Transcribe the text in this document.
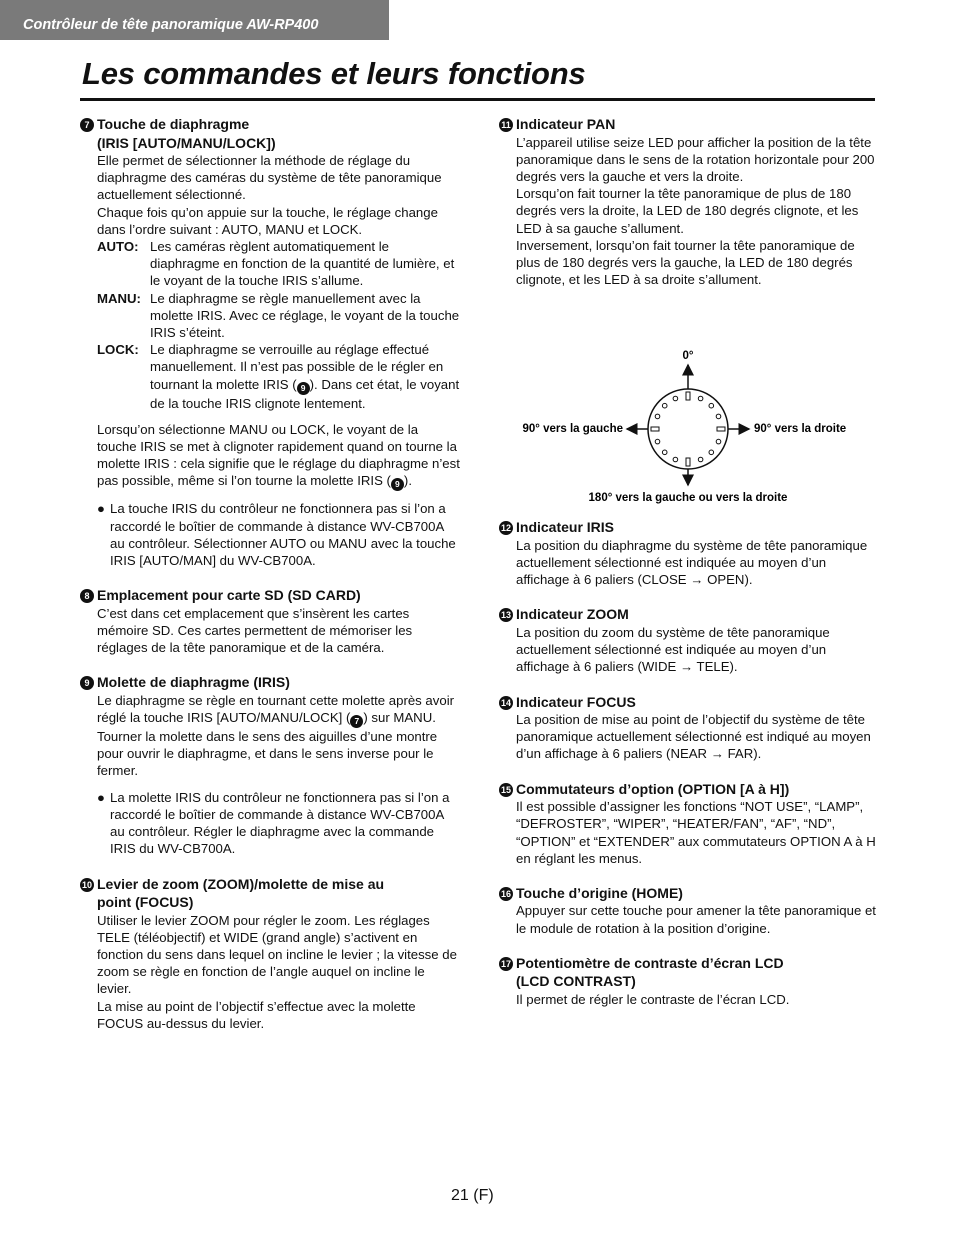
Contrôleur de tête panoramique AW-RP400
Les commandes et leurs fonctions
7 Touche de diaphragme
(IRIS [AUTO/MANU/LOCK])

Elle permet de sélectionner la méthode de réglage du diaphragme des caméras du système de tête panoramique actuellement sélectionné.

Chaque fois qu’on appuie sur la touche, le réglage change dans l’ordre suivant : AUTO, MANU et LOCK.

AUTO: Les caméras règlent automatiquement le diaphragme en fonction de la quantité de lumière, et le voyant de la touche IRIS s’allume.
MANU: Le diaphragme se règle manuellement avec la molette IRIS. Avec ce réglage, le voyant de la touche IRIS s’éteint.
LOCK: Le diaphragme se verrouille au réglage effectué manuellement. Il n’est pas possible de le régler en tournant la molette IRIS ( 9 ). Dans cet état, le voyant de la touche IRIS clignote lentement.

Lorsqu’on sélectionne MANU ou LOCK, le voyant de la touche IRIS se met à clignoter rapidement quand on tourne la molette IRIS : cela signifie que le réglage du diaphragme n’est pas possible, même si l’on tourne la molette IRIS ( 9 ).

● La touche IRIS du contrôleur ne fonctionnera pas si l’on a raccordé le boîtier de commande à distance WV-CB700A au contrôleur. Sélectionner AUTO ou MANU avec la touche IRIS [AUTO/MAN] du WV-CB700A.
8 Emplacement pour carte SD (SD CARD)

C’est dans cet emplacement que s’insèrent les cartes mémoire SD. Ces cartes permettent de mémoriser les réglages de la tête panoramique et de la caméra.

9 Molette de diaphragme (IRIS)

Le diaphragme se règle en tournant cette molette après avoir réglé la touche IRIS [AUTO/MANU/LOCK] ( 7 ) sur MANU. Tourner la molette dans le sens des aiguilles d’une montre pour ouvrir le diaphragme, et dans le sens inverse pour le fermer.

● La molette IRIS du contrôleur ne fonctionnera pas si l’on a raccordé le boîtier de commande à distance WV-CB700A au contrôleur. Régler le diaphragme avec la commande IRIS du WV-CB700A.
10 Levier de zoom (ZOOM)/molette de mise au
point (FOCUS)

Utiliser le levier ZOOM pour régler le zoom. Les réglages TELE (téléobjectif) et WIDE (grand angle) s’activent en fonction du sens dans lequel on incline le levier ; la vitesse de zoom se règle en fonction de l’angle auquel on incline le levier.

La mise au point de l’objectif s’effectue avec la molette FOCUS au-dessus du levier.

11 Indicateur PAN

L’appareil utilise seize LED pour afficher la position de la tête panoramique dans le sens de la rotation horizontale pour 200 degrés vers la gauche et vers la droite.

Lorsqu’on fait tourner la tête panoramique de plus de 180 degrés vers la droite, la LED de 180 degrés clignote, et les LED à sa gauche s’allument.

Inversement, lorsqu’on fait tourner la tête panoramique de plus de 180 degrés vers la gauche, la LED de 180 degrés clignote, et les LED à sa droite s’allument.

180° vers la gauche ou vers la droite
0°
90° vers la gauche	90° vers la droite
12 Indicateur IRIS

La position du diaphragme du système de tête panoramique actuellement sélectionné est indiquée au moyen d’un affichage à 6 paliers (CLOSE → OPEN).

13 Indicateur ZOOM

La position du zoom du système de tête panoramique actuellement sélectionné est indiquée au moyen d’un affichage à 6 paliers (WIDE → TELE).

14 Indicateur FOCUS

La position de mise au point de l’objectif du système de tête panoramique actuellement sélectionné est indiqué au moyen d’un affichage à 6 paliers (NEAR → FAR).

15 Commutateurs d’option (OPTION [A à H])

Il est possible d’assigner les fonctions “NOT USE”, “LAMP”, “DEFROSTER”, “WIPER”, “HEATER/FAN”, “AF”, “ND”, “OPTION” et “EXTENDER” aux commutateurs OPTION A à H en réglant les menus.

16 Touche d’origine (HOME)

Appuyer sur cette touche pour amener la tête panoramique et le module de rotation à la position d’origine.

17 Potentiomètre de contraste d’écran LCD
(LCD CONTRAST)

Il permet de régler le contraste de l’écran LCD.

21 (F)
